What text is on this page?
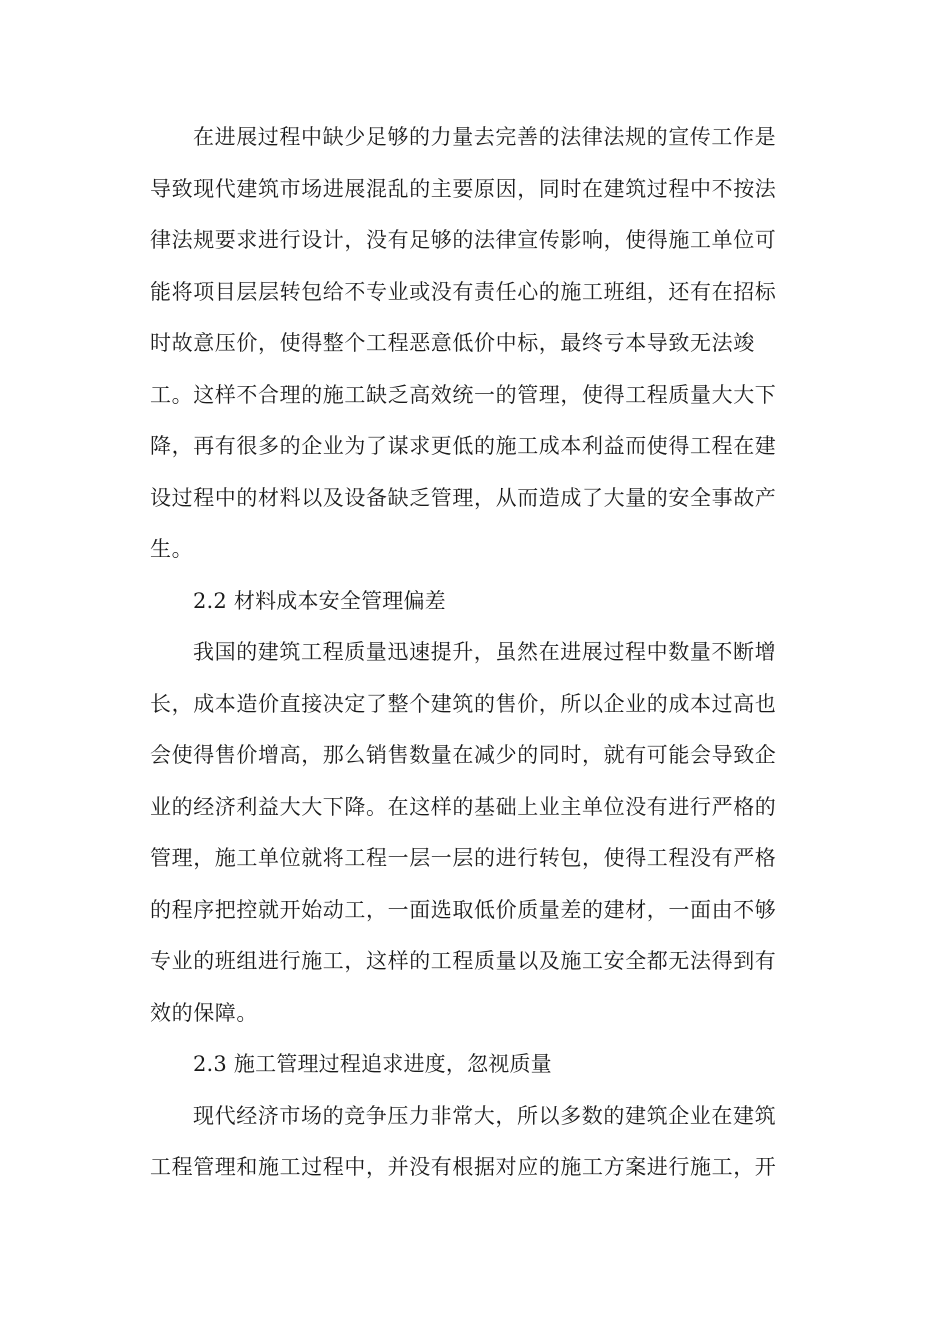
在进展过程中缺少足够的力量去完善的法律法规的宣传工作是
导致现代建筑市场进展混乱的主要原因，同时在建筑过程中不按法
律法规要求进行设计，没有足够的法律宣传影响，使得施工单位可
能将项目层层转包给不专业或没有责任心的施工班组，还有在招标
时故意压价，使得整个工程恶意低价中标，最终亏本导致无法竣
工。这样不合理的施工缺乏高效统一的管理，使得工程质量大大下
降，再有很多的企业为了谋求更低的施工成本利益而使得工程在建
设过程中的材料以及设备缺乏管理，从而造成了大量的安全事故产
生。
2.2 材料成本安全管理偏差
我国的建筑工程质量迅速提升，虽然在进展过程中数量不断增
长，成本造价直接决定了整个建筑的售价，所以企业的成本过高也
会使得售价增高，那么销售数量在减少的同时，就有可能会导致企
业的经济利益大大下降。在这样的基础上业主单位没有进行严格的
管理，施工单位就将工程一层一层的进行转包，使得工程没有严格
的程序把控就开始动工，一面选取低价质量差的建材，一面由不够
专业的班组进行施工，这样的工程质量以及施工安全都无法得到有
效的保障。
2.3 施工管理过程追求进度，忽视质量
现代经济市场的竞争压力非常大，所以多数的建筑企业在建筑
工程管理和施工过程中，并没有根据对应的施工方案进行施工，开
